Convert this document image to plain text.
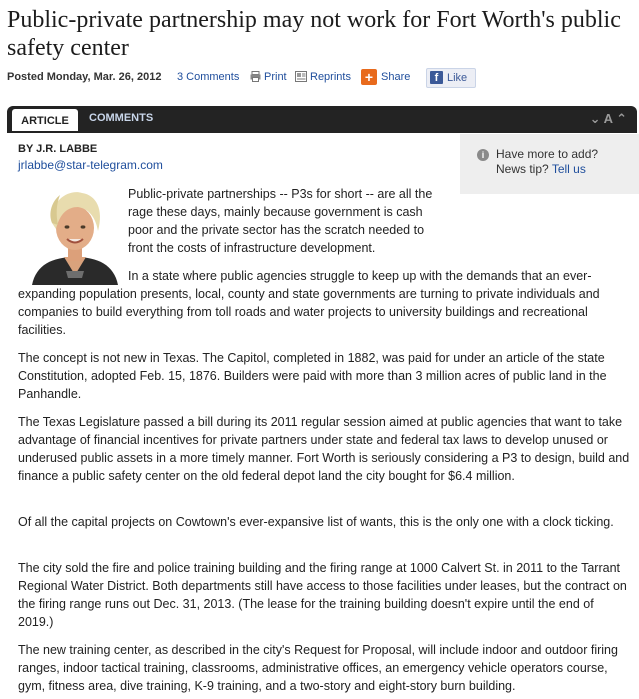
Public-private partnership may not work for Fort Worth's public safety center
Posted Monday, Mar. 26, 2012 3 Comments	Print	Reprints + Share	f Like
ARTICLE	COMMENTS	⌄ A ⌃
BY J.R. LABBE
jrlabbe@star-telegram.com
i Have more to add?
News tip? Tell us

Public-private partnerships -- P3s for short -- are all the rage these days, mainly because government is cash poor and the private sector has the scratch needed to front the costs of infrastructure development.

In a state where public agencies struggle to keep up with the demands that an ever-expanding population presents, local, county and state governments are turning to private individuals and companies to build everything from toll roads and water projects to university buildings and recreational facilities.

The concept is not new in Texas. The Capitol, completed in 1882, was paid for under an article of the state Constitution, adopted Feb. 15, 1876. Builders were paid with more than 3 million acres of public land in the Panhandle.

The Texas Legislature passed a bill during its 2011 regular session aimed at public agencies that want to take advantage of financial incentives for private partners under state and federal tax laws to develop unused or underused public assets in a more timely manner. Fort Worth is seriously considering a P3 to design, build and finance a public safety center on the old federal depot land the city bought for $6.4 million.

Of all the capital projects on Cowtown's ever-expansive list of wants, this is the only one with a clock ticking.

The city sold the fire and police training building and the firing range at 1000 Calvert St. in 2011 to the Tarrant Regional Water District. Both departments still have access to those facilities under leases, but the contract on the firing range runs out Dec. 31, 2013. (The lease for the training building doesn't expire until the end of 2019.)

The new training center, as described in the city's Request for Proposal, will include indoor and outdoor firing ranges, indoor tactical training, classrooms, administrative offices, an emergency vehicle operators course, gym, fitness area, dive training, K-9 training, and a two-story and eight-story burn building.
